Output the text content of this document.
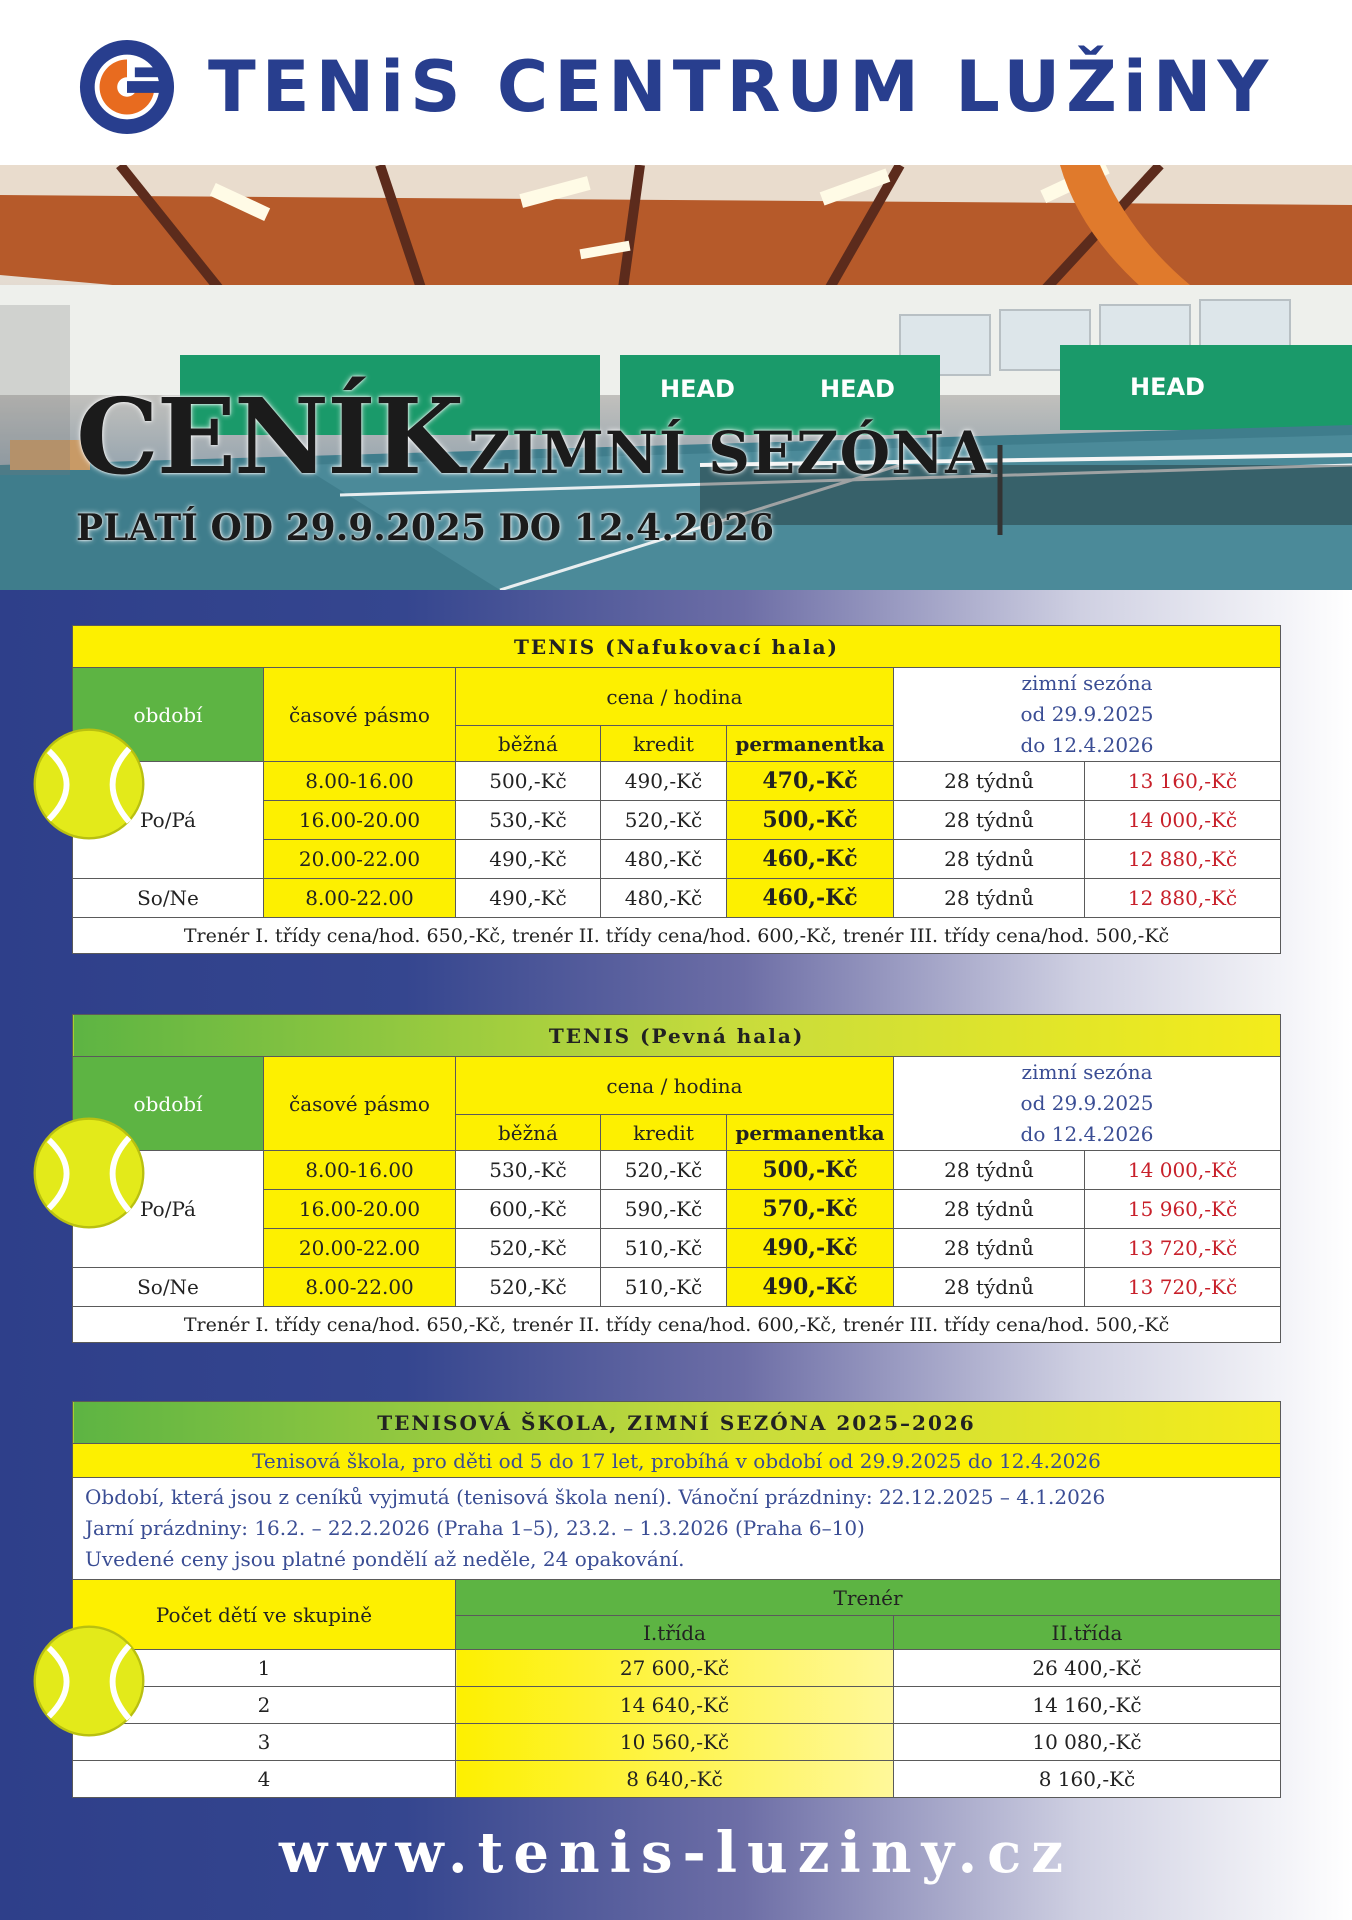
TENiS CENTRUM LUŽiNY
HEAD	HEAD	HEAD
CENÍK ZIMNÍ SEZÓNA
PLATÍ OD 29.9.2025 DO 12.4.2026
TENIS (Nafukovací hala)						
období	časové pásmo	cena / hodina			zimní sezóna
od 29.9.2025
do 12.4.2026	

		běžná	kredit	permanentka		
Po/Pá	8.00-16.00	500,-Kč	490,-Kč	470,-Kč	28 týdnů	13 160,-Kč
	16.00-20.00	530,-Kč	520,-Kč	500,-Kč	28 týdnů	14 000,-Kč
	20.00-22.00	490,-Kč	480,-Kč	460,-Kč	28 týdnů	12 880,-Kč
So/Ne	8.00-22.00	490,-Kč	480,-Kč	460,-Kč	28 týdnů	12 880,-Kč
Trenér I. třídy cena/hod. 650,-Kč, trenér II. třídy cena/hod. 600,-Kč, trenér III. třídy cena/hod. 500,-Kč						
TENIS (Pevná hala)						
období	časové pásmo	cena / hodina			zimní sezóna
od 29.9.2025
do 12.4.2026	

		běžná	kredit	permanentka		
Po/Pá	8.00-16.00	530,-Kč	520,-Kč	500,-Kč	28 týdnů	14 000,-Kč
	16.00-20.00	600,-Kč	590,-Kč	570,-Kč	28 týdnů	15 960,-Kč
	20.00-22.00	520,-Kč	510,-Kč	490,-Kč	28 týdnů	13 720,-Kč
So/Ne	8.00-22.00	520,-Kč	510,-Kč	490,-Kč	28 týdnů	13 720,-Kč
Trenér I. třídy cena/hod. 650,-Kč, trenér II. třídy cena/hod. 600,-Kč, trenér III. třídy cena/hod. 500,-Kč						
TENISOVÁ ŠKOLA, ZIMNÍ SEZÓNA 2025–2026		
Tenisová škola, pro děti od 5 do 17 let, probíhá v období od 29.9.2025 do 12.4.2026		

Období, která jsou z ceníků vyjmutá (tenisová škola není). Vánoční prázdniny: 22.12.2025 – 4.1.2026
Jarní prázdniny: 16.2. – 22.2.2026 (Praha 1–5), 23.2. – 1.3.2026 (Praha 6–10)
Uvedené ceny jsou platné pondělí až neděle, 24 opakování.		

Počet dětí ve skupině	Trenér	
	I.třída	II.třída
1	27 600,-Kč	26 400,-Kč
2	14 640,-Kč	14 160,-Kč
3	10 560,-Kč	10 080,-Kč
4	8 640,-Kč	8 160,-Kč
www.tenis-luziny.cz
